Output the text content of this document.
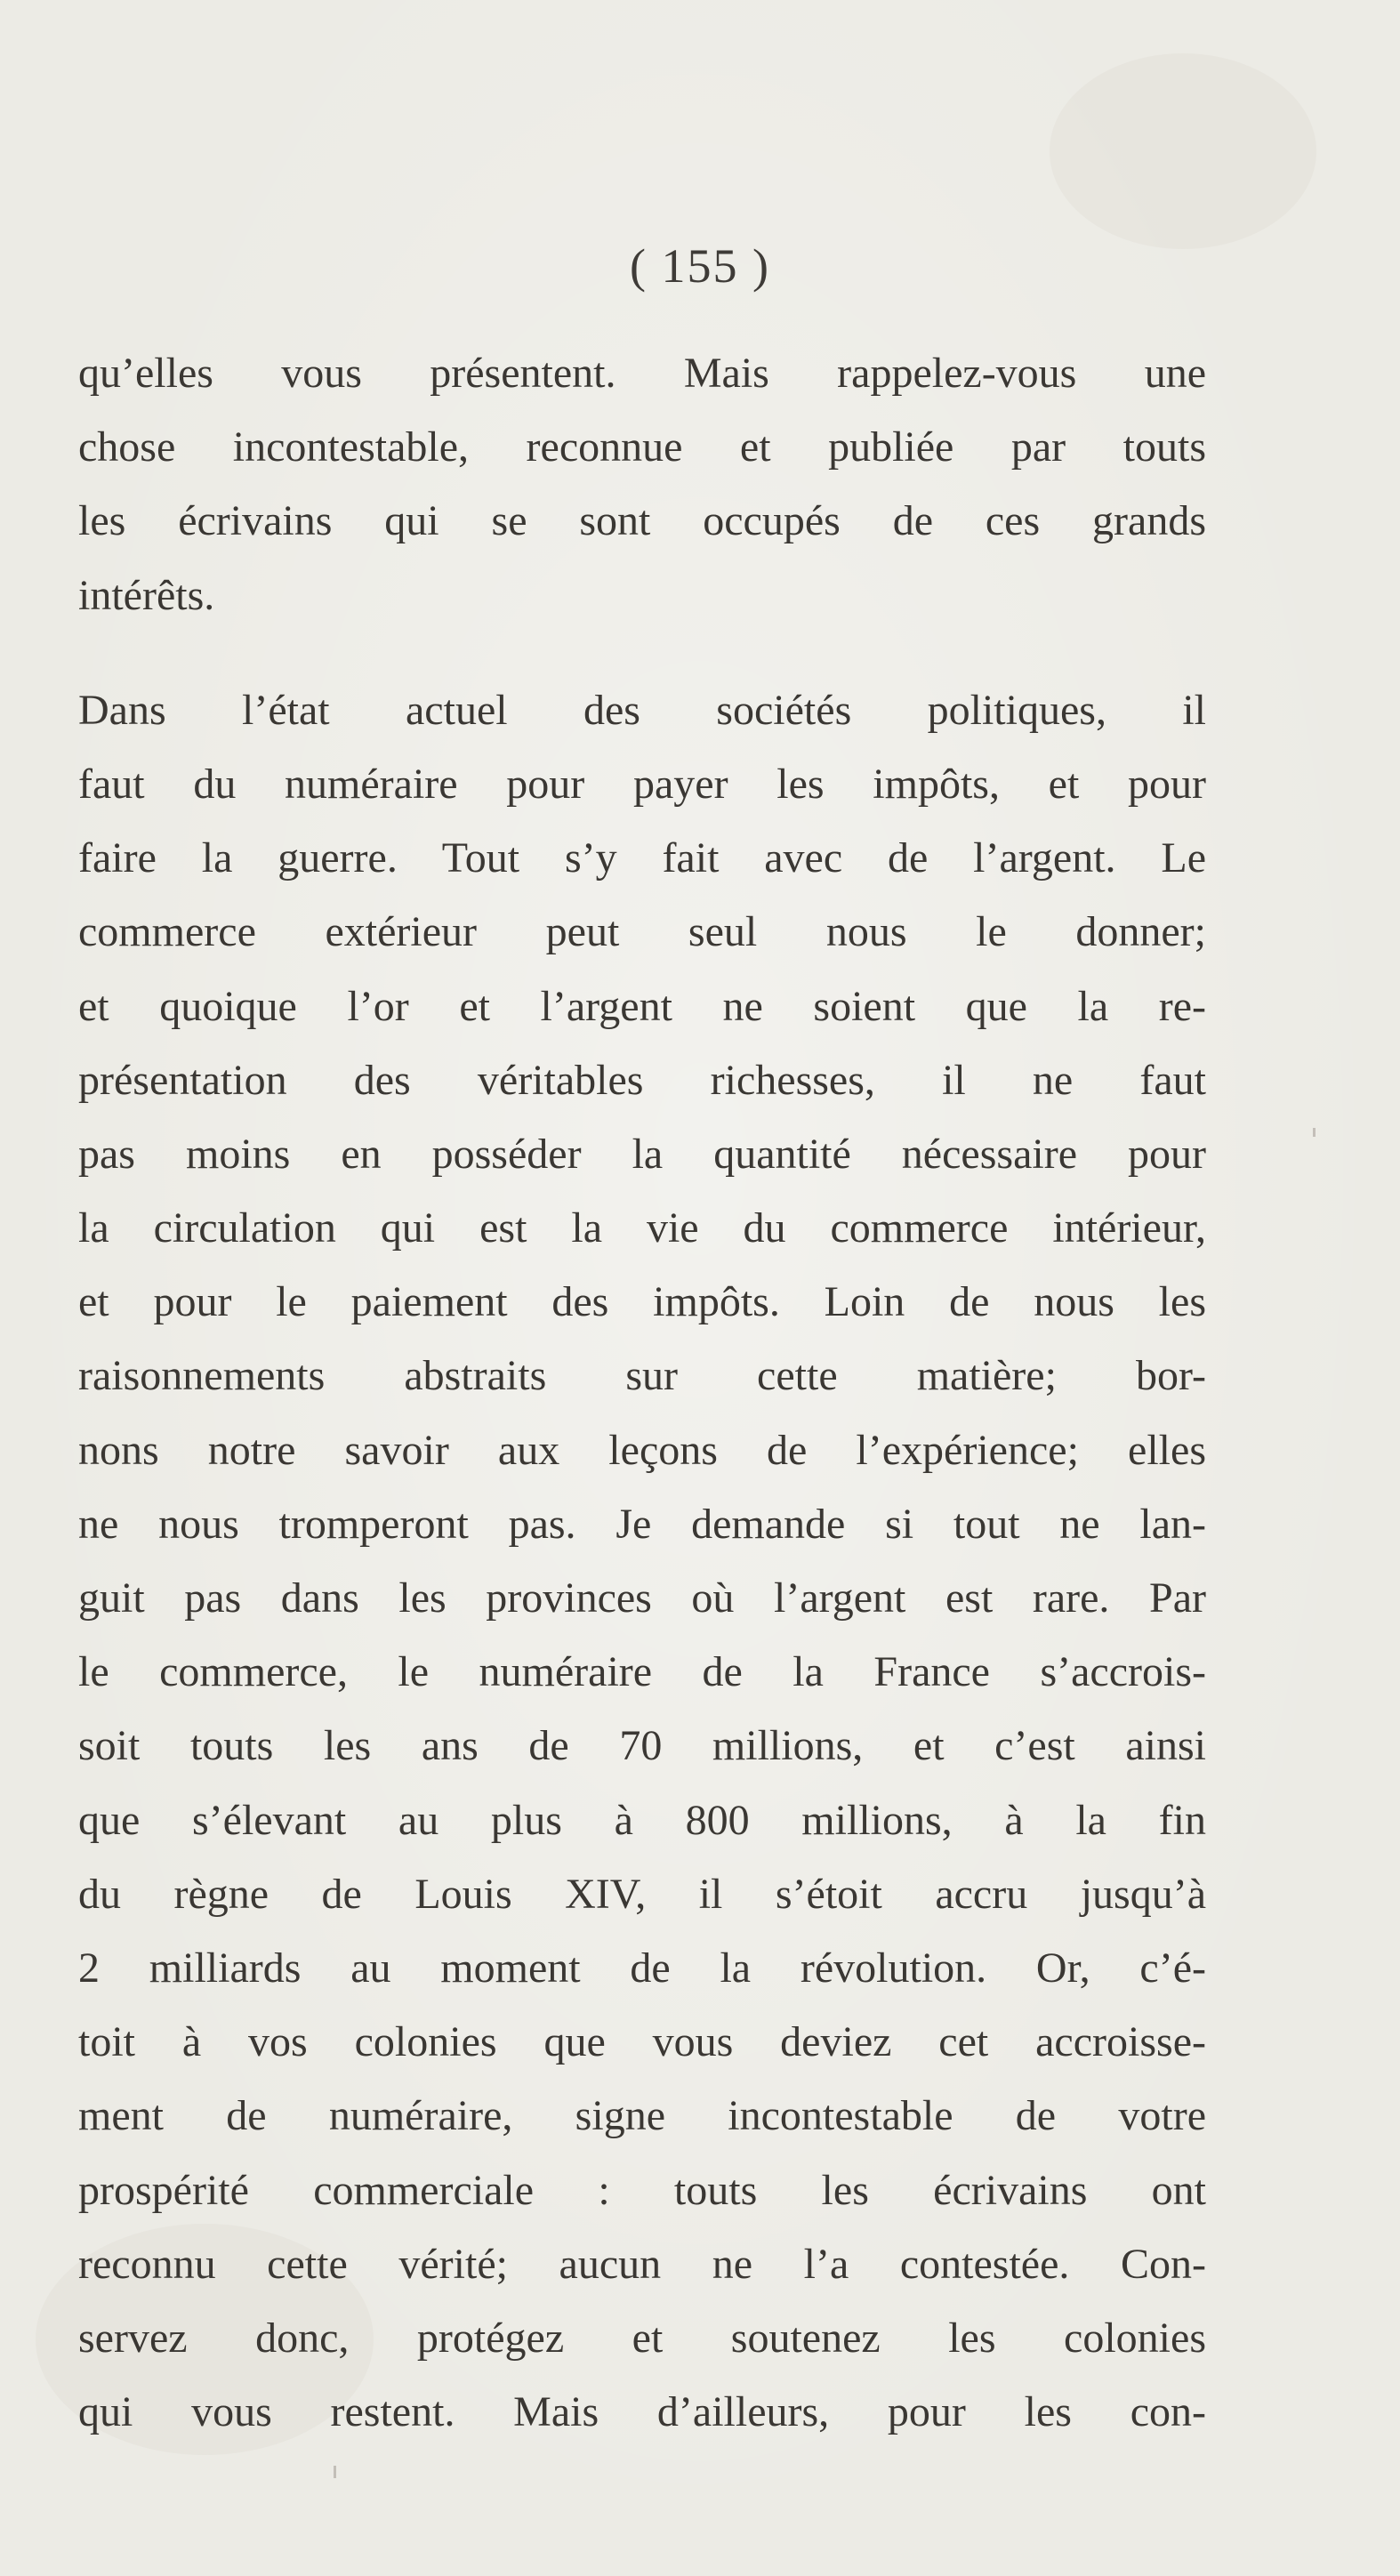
( 155 )
qu’elles vous présentent. Mais rappelez-vous une
chose incontestable, reconnue et publiée par touts
les écrivains qui se sont occupés de ces grands
intérêts.
Dans l’état actuel des sociétés politiques, il
faut du numéraire pour payer les impôts, et pour
faire la guerre. Tout s’y fait avec de l’argent. Le
commerce extérieur peut seul nous le donner;
et quoique l’or et l’argent ne soient que la re-
présentation des véritables richesses, il ne faut
pas moins en posséder la quantité nécessaire pour
la circulation qui est la vie du commerce intérieur,
et pour le paiement des impôts. Loin de nous les
raisonnements abstraits sur cette matière; bor-
nons notre savoir aux leçons de l’expérience; elles
ne nous tromperont pas. Je demande si tout ne lan-
guit pas dans les provinces où l’argent est rare. Par
le commerce, le numéraire de la France s’accrois-
soit touts les ans de 70 millions, et c’est ainsi
que s’élevant au plus à 800 millions, à la fin
du règne de Louis XIV, il s’étoit accru jusqu’à
2 milliards au moment de la révolution. Or, c’é-
toit à vos colonies que vous deviez cet accroisse-
ment de numéraire, signe incontestable de votre
prospérité commerciale : touts les écrivains ont
reconnu cette vérité; aucun ne l’a contestée. Con-
servez donc, protégez et soutenez les colonies
qui vous restent. Mais d’ailleurs, pour les con-
